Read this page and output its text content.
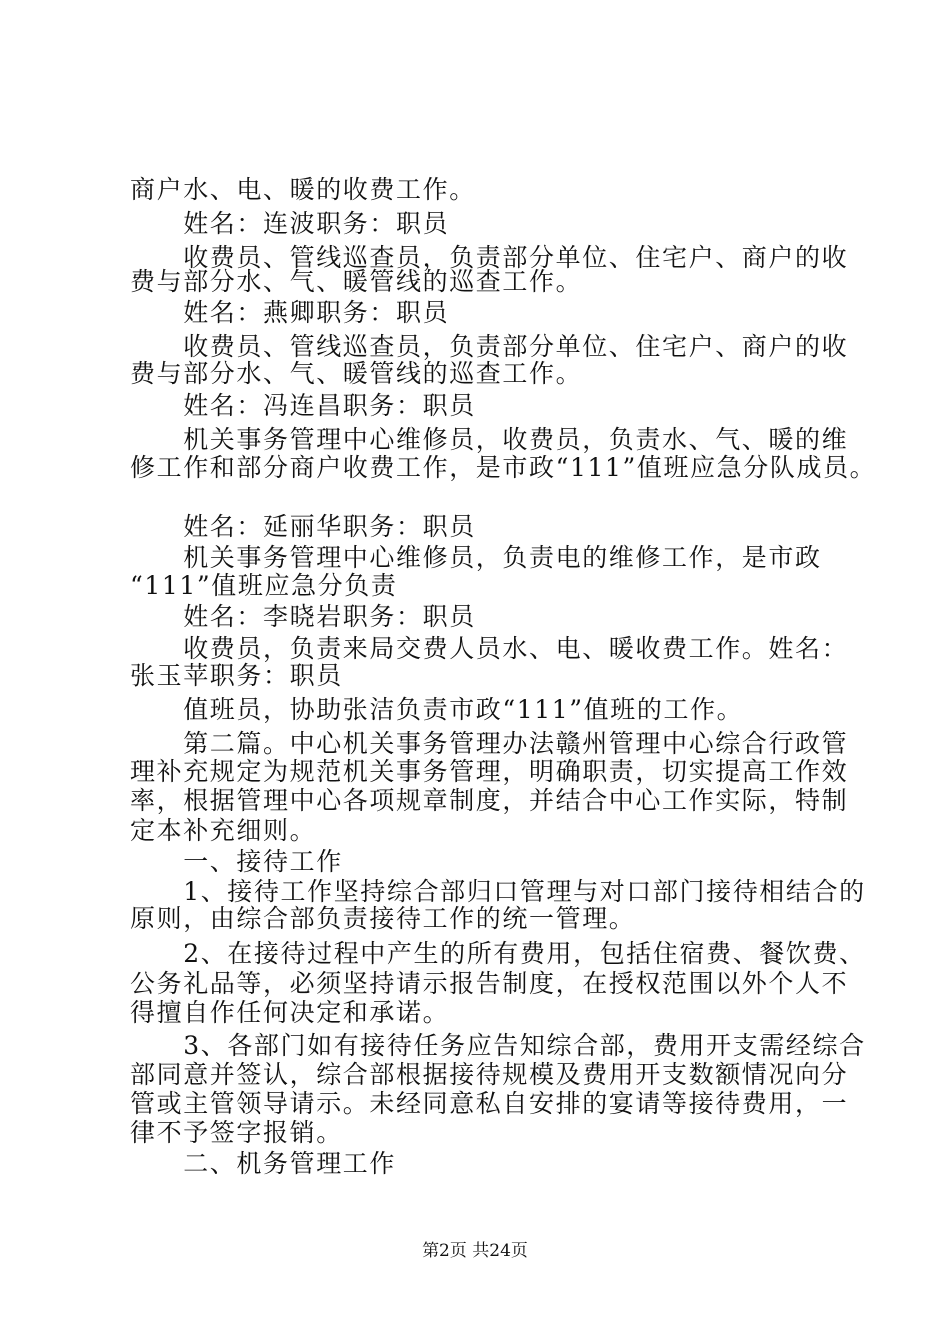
商户水、电、暖的收费工作。
　　姓名：连波职务：职员
　　收费员、管线巡查员，负责部分单位、住宅户、商户的收
费与部分水、气、暖管线的巡查工作。
　　姓名：燕卿职务：职员
　　收费员、管线巡查员，负责部分单位、住宅户、商户的收
费与部分水、气、暖管线的巡查工作。
　　姓名：冯连昌职务：职员
　　机关事务管理中心维修员，收费员，负责水、气、暖的维
修工作和部分商户收费工作，是市政“111”值班应急分队成员。
　　姓名：延丽华职务：职员
　　机关事务管理中心维修员，负责电的维修工作，是市政
“111”值班应急分负责
　　姓名：李晓岩职务：职员
　　收费员，负责来局交费人员水、电、暖收费工作。姓名：
张玉苹职务：职员
　　值班员，协助张洁负责市政“111”值班的工作。
　　第二篇。中心机关事务管理办法赣州管理中心综合行政管
理补充规定为规范机关事务管理，明确职责，切实提高工作效
率，根据管理中心各项规章制度，并结合中心工作实际，特制
定本补充细则。
　　一、接待工作
　　1、接待工作坚持综合部归口管理与对口部门接待相结合的
原则，由综合部负责接待工作的统一管理。
　　2、在接待过程中产生的所有费用，包括住宿费、餐饮费、
公务礼品等，必须坚持请示报告制度，在授权范围以外个人不
得擅自作任何决定和承诺。
　　3、各部门如有接待任务应告知综合部，费用开支需经综合
部同意并签认，综合部根据接待规模及费用开支数额情况向分
管或主管领导请示。未经同意私自安排的宴请等接待费用，一
律不予签字报销。
　　二、机务管理工作
第2页 共24页
